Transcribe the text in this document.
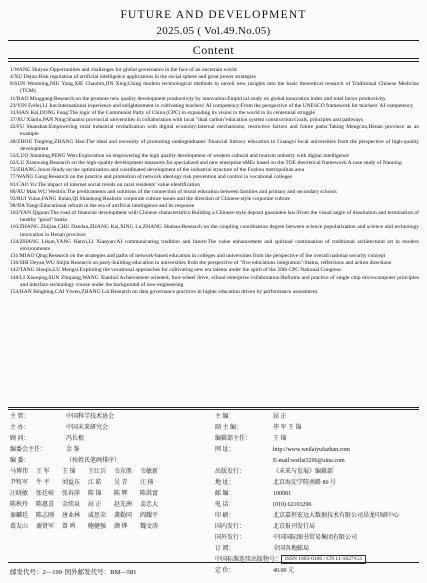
FUTURE AND DEVELOPMENT
2025.05 ( Vol.49.No.05)
Content
1/WANG Huiyao:Opportunities and challenges for global governance in the face of an uncertain world
4/XU Dejun:Risk regulation of artificial intelligence applications in the social sphere and great power strategies
8/SUN Wenming,NIU Yang,XIE Chaobin,JIN Xing:Using modern technological methods to unveil new insights into the basic theoretical research of Traditional Chinese Medicine (TCM)
11/BAO Minggang:Research on the promote new quality development productivity by innovation:Empirical study on global innovation index and total factor productivity
23/YIN Feifei,LI Jun:International experience and enlightenment in cultivating teachers' AI competency:From the perspective of the UNESCO framework for teachers' AI competency
31/HAN Kai,DONG Fang:The logic of the Communist Party of China (CPC) in expanding its vision to the world in its centennial struggle
37/XU Xiaolu,PAN Ning:Shaanxi provincial universities in collaboration with local "dual carbon"education system construction:Goals, principles and pathways
42/FU Shanshan:Empowering rural industrial revitalization with digital economy:Internal mechanisms, restrictive factors and future paths:Taking Mengcun,Henan province as an example
48/ZHOU Tingting,ZHANG Hao:The ideal and necessity of promoting undergraduates' financial literacy education in Guangxi local universities from the perspective of high-quality development
53/LUO Jianming,PENG Wen:Exploration on empowering the high quality development of western cultural and tourism industry with digital intelligence
62/LU Xianwang:Research on the high-quality development measures for specialized and new enterprise sMEs based on the TOE theoretical framework:A case study of Nanning
72/ZHANG Juwei:Study on the optimization and coordinated development of the industrial structure of the Fuzhou metropolitan area
77/WANG Gang:Research on the practice and promotion of network ideology risk prevention and control in vocational colleges
81/CAO Yu:The impact of internet social trends on rural residents' value identification
86/XU Man,WU Wenbin:The predicaments and solutions of the connection of moral education between families and primary and secondary schools
93/RUI Yulan,FANG Jinlan,QI Shanhong:Realistic corporate culture issues and the direction of Chinese-style corporate culture
98/JIA Yangi:Educational reform in the era of artificial intelligence and its response
103/YAN Qiguan:The road of financial development with Chinese characteristics:Building a Chinese-style deposit guarantee law:From the visual angle of dissolution and termination of healthy "good" banks
116/ZHANG Zhijian,CHU Dandan,ZHANG Kai,XING Lu,ZHANG Shuhao:Research on the coupling coordination degree between science popularization and science and technology innovation in Henan province
124/ZHANG Likun,YANG Hanxi,LI Xiaoyan:AI communicating tradition and future:The value enhancement and spiritual continuation of traditional architectural art in modern environments
131/MIAO Qing:Research on the strategies and paths of network-based education in colleges and universities from the perspective of the overall national security concept
136/SHI Deyan,WU Shijin:Research on party-building education in universities from the perspective of "five educations integration":Status, reflections and action directions
142/TANG Shuqin,LU Mengsi:Exploring the vocational approaches for cultivating new era talents under the spirit of the 20th CPC National Congress
148/LI Xiaoqing,SUN Zhiqiang,WANG Xiaohui:Achievement oriented, four-wheel drive, school enterprise collaboration:Reforms and practice of single chip microcomputer principles and interface technology course under the background of new engineering
154/HAN Bingbing,CAI Yiwen,ZHANG Lai:Research on data governance practices in higher education driven by performance assessment
主 管：	中国科学技术协会
主 办：	中国未来研究会
顾 问：	冯长根
编委会主任：	金 鉴
编 委：	（按姓氏笔画排序）
马博伟 王 军 王 锦 王红兵 韦东胜 韦敏新
尹牧军 牛 平 刘益东 江 皓 吴 青 汪 扬
汪晓敏 张廷岐 张春萍 陈 锦 陈 辉 陈洪富
陈秋玲 陈惠喜 金续泉 屈 正 赵先洲 姜忠大
秦麟廷 陈志刚 唐业林 戚思荣 龚勒同 阎耀平
葛友山 谢贤军 曾 鸣 鲍健强 颜 烨 魏文涛
主 编：	屈 正
副 主 编：	毕 军 王 锦
编辑部主任：	王 锦
网 址：	http://www.weilaiyufazhan.com
E-mail:weilai3296@sina.com
出版发行：	《未来与发展》编辑部
地 址：	北京海淀学院南路 86 号
邮 编：	100081
电 话：	(010) 62103296
印 刷：	北京嘉恒宏远大数据技术有限公司昂龙印刷中心
国内发行：	北京报刊发行局
国外发行：	中国国际图书贸易集团有限公司
订 阅：	全国各地邮局
中国标准连续出版物号： ISSN 1003-0166 / CN 11-1627/G3
定 价：	40.00 元
邮发代号：2—199 国外邮发代号：BM—581
